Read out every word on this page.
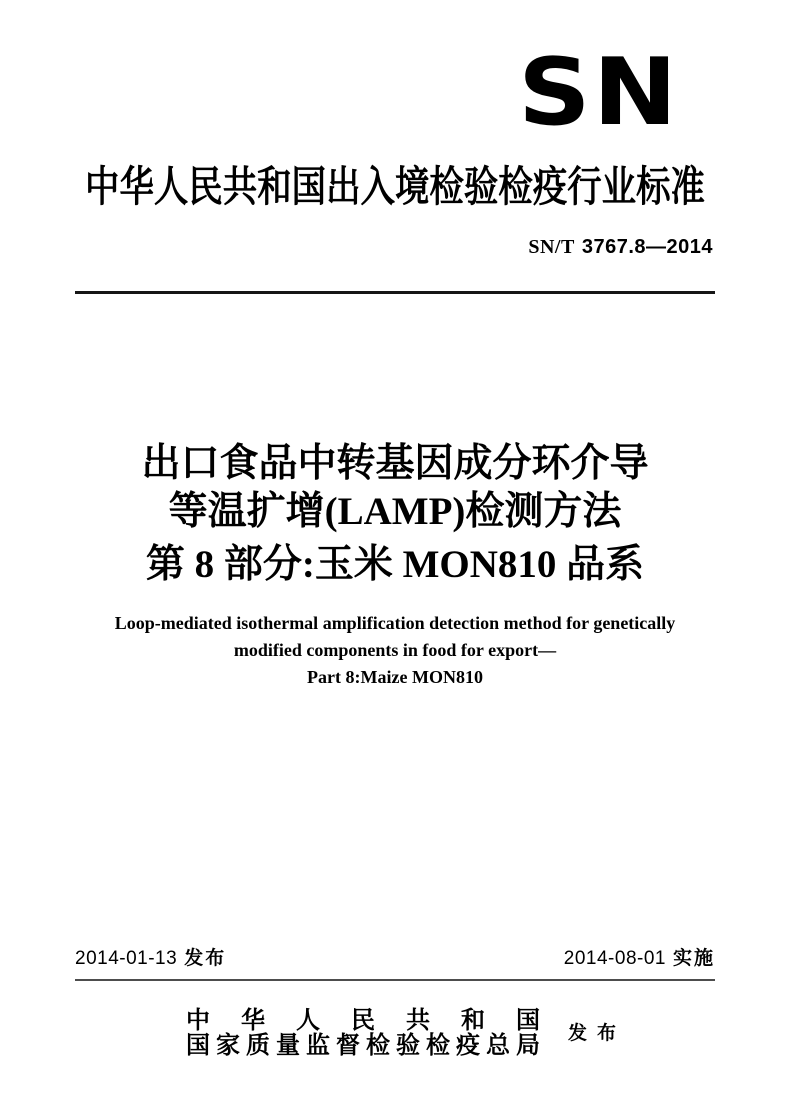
SN
中华人民共和国出入境检验检疫行业标准
SN/T 3767.8—2014
出口食品中转基因成分环介导
等温扩增(LAMP)检测方法
第 8 部分:玉米 MON810 品系
Loop-mediated isothermal amplification detection method for genetically
modified components in food for export—
Part 8:Maize MON810
2014-01-13 发布	2014-08-01 实施
中 华 人 民 共 和 国
国 家 质 量 监 督 检 验 检 疫 总 局 发 布
